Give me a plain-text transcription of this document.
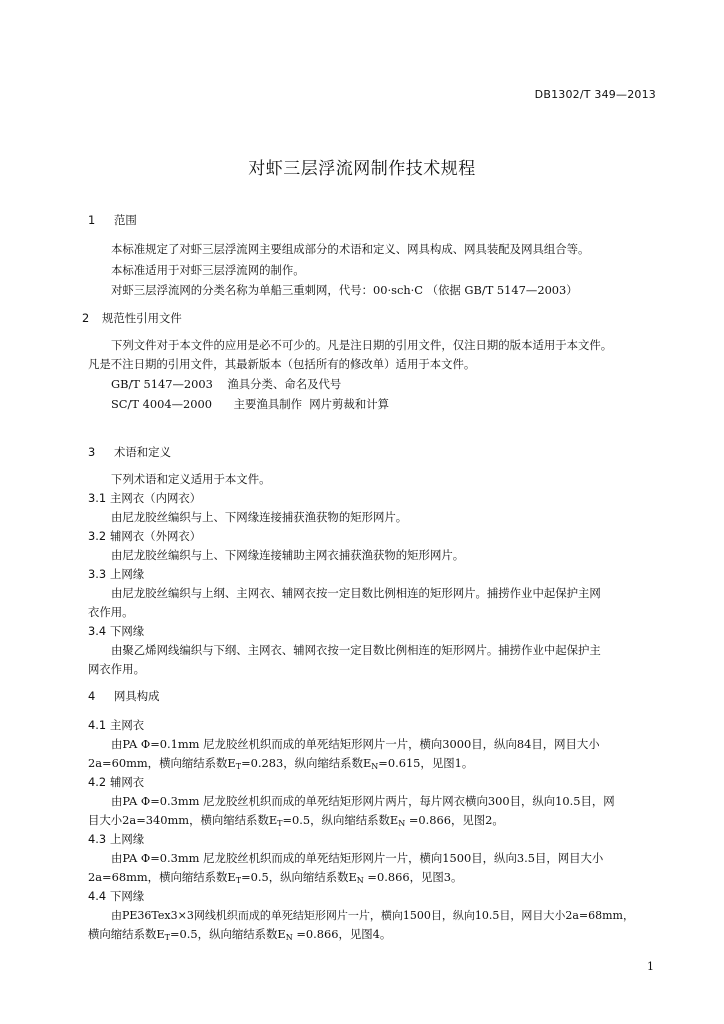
DB1302/T 349—2013
对虾三层浮流网制作技术规程
1 范围
本标准规定了对虾三层浮流网主要组成部分的术语和定义、网具构成、网具装配及网具组合等。
本标准适用于对虾三层浮流网的制作。
对虾三层浮流网的分类名称为单船三重刺网，代号：00·sch·C （依据 GB/T 5147—2003）
2 规范性引用文件
下列文件对于本文件的应用是必不可少的。凡是注日期的引用文件，仅注日期的版本适用于本文件。
凡是不注日期的引用文件，其最新版本（包括所有的修改单）适用于本文件。
GB/T 5147—2003    渔具分类、命名及代号
SC/T 4004—2000      主要渔具制作  网片剪裁和计算
3 术语和定义
下列术语和定义适用于本文件。
3.1 主网衣（内网衣）
由尼龙胶丝编织与上、下网缘连接捕获渔获物的矩形网片。
3.2 辅网衣（外网衣）
由尼龙胶丝编织与上、下网缘连接辅助主网衣捕获渔获物的矩形网片。
3.3 上网缘
由尼龙胶丝编织与上纲、主网衣、辅网衣按一定目数比例相连的矩形网片。捕捞作业中起保护主网
衣作用。
3.4 下网缘
由聚乙烯网线编织与下纲、主网衣、辅网衣按一定目数比例相连的矩形网片。捕捞作业中起保护主
网衣作用。
4 网具构成
4.1 主网衣
由PA Φ=0.1mm 尼龙胶丝机织而成的单死结矩形网片一片，横向3000目，纵向84目，网目大小
2a=60mm，横向缩结系数$E_T=0.283$，纵向缩结系数$E_N=0.615$，见图1。
4.2 辅网衣
由PA Φ=0.3mm 尼龙胶丝机织而成的单死结矩形网片两片，每片网衣横向300目，纵向10.5目，网
目大小2a=340mm，横向缩结系数$E_T=0.5$，纵向缩结系数$E_N =0.866$，见图2。
4.3 上网缘
由PA Φ=0.3mm 尼龙胶丝机织而成的单死结矩形网片一片，横向1500目，纵向3.5目，网目大小
2a=68mm，横向缩结系数$E_T=0.5$，纵向缩结系数$E_N =0.866$，见图3。
4.4 下网缘
由PE36Tex3×3网线机织而成的单死结矩形网片一片，横向1500目，纵向10.5目，网目大小2a=68mm，
横向缩结系数$E_T=0.5$，纵向缩结系数$E_N =0.866$，见图4。
1
